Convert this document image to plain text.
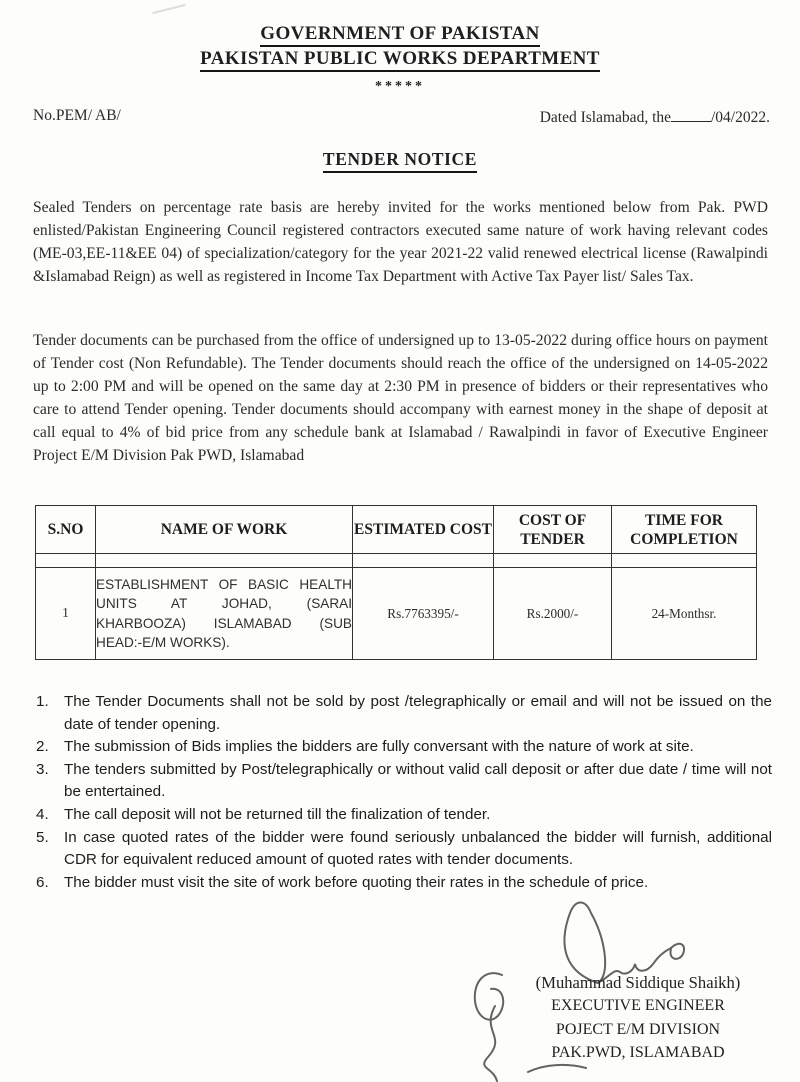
GOVERNMENT OF PAKISTAN
PAKISTAN PUBLIC WORKS DEPARTMENT
*****
No.PEM/ AB/	Dated Islamabad, the	/04/2022.
TENDER NOTICE
Sealed Tenders on percentage rate basis are hereby invited for the works mentioned below from Pak. PWD enlisted/Pakistan Engineering Council registered contractors executed same nature of work having relevant codes (ME-03,EE-11&EE 04) of specialization/category for the year 2021-22 valid renewed electrical license (Rawalpindi &Islamabad Reign) as well as registered in Income Tax Department with Active Tax Payer list/ Sales Tax.
Tender documents can be purchased from the office of undersigned up to 13-05-2022 during office hours on payment of Tender cost (Non Refundable). The Tender documents should reach the office of the undersigned on 14-05-2022 up to 2:00 PM and will be opened on the same day at 2:30 PM in presence of bidders or their representatives who care to attend Tender opening. Tender documents should accompany with earnest money in the shape of deposit at call equal to 4% of bid price from any schedule bank at Islamabad / Rawalpindi in favor of Executive Engineer Project E/M Division Pak PWD, Islamabad
S.NO	NAME OF WORK	ESTIMATED COST	COST OF TENDER	TIME FOR COMPLETION

1	ESTABLISHMENT OF BASIC HEALTH UNITS AT JOHAD, (SARAI KHARBOOZA) ISLAMABAD (SUB HEAD:-E/M WORKS).	Rs.7763395/-	Rs.2000/-	24-Monthsr.
1. The Tender Documents shall not be sold by post /telegraphically or email and will not be issued on the date of tender opening.
2. The submission of Bids implies the bidders are fully conversant with the nature of work at site.
3. The tenders submitted by Post/telegraphically or without valid call deposit or after due date / time will not be entertained.
4. The call deposit will not be returned till the finalization of tender.
5. In case quoted rates of the bidder were found seriously unbalanced the bidder will furnish, additional CDR for equivalent reduced amount of quoted rates with tender documents.
6. The bidder must visit the site of work before quoting their rates in the schedule of price.
(Muhammad Siddique Shaikh)
EXECUTIVE ENGINEER
POJECT E/M DIVISION
PAK.PWD, ISLAMABAD
